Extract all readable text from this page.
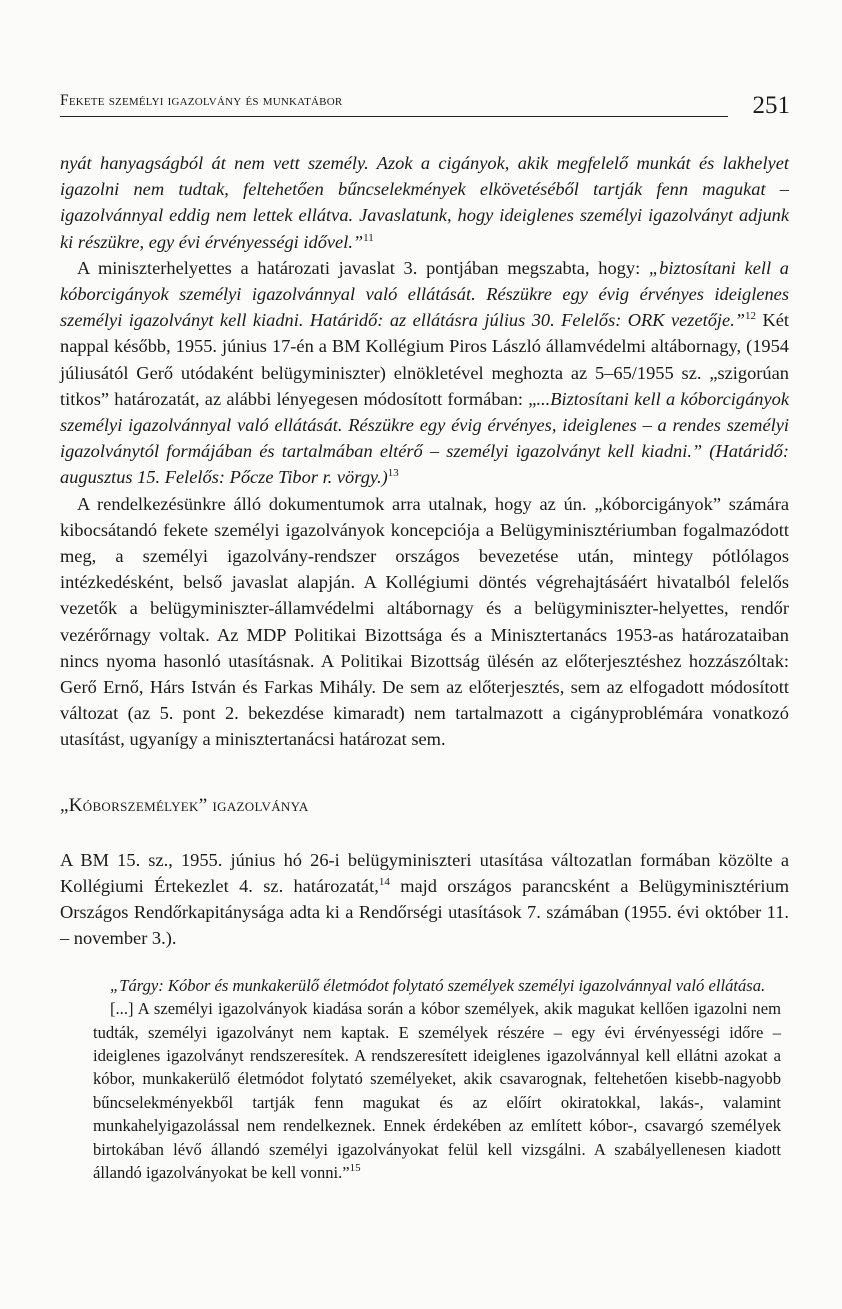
Fekete személyi igazolvány és munkatábor	251

nyát hanyagságból át nem vett személy. Azok a cigányok, akik megfelelő munkát és lakhelyet igazolni nem tudtak, feltehetően bűncselekmények elkövetéséből tartják fenn magukat – igazolvánnyal eddig nem lettek ellátva. Javaslatunk, hogy ideiglenes személyi igazolványt adjunk ki részükre, egy évi érvényességi idővel.”$^{11}$

A miniszterhelyettes a határozati javaslat 3. pontjában megszabta, hogy: „biztosítani kell a kóborcigányok személyi igazolvánnyal való ellátását. Részükre egy évig érvényes ideiglenes személyi igazolványt kell kiadni. Határidő: az ellátásra július 30. Felelős: ORK vezetője.”$^{12}$ Két nappal később, 1955. június 17-én a BM Kollégium Piros László államvédelmi altábornagy, (1954 júliusától Gerő utódaként belügyminiszter) elnökletével meghozta az 5–65/1955 sz. „szigorúan titkos” határozatát, az alábbi lényegesen módosított formában: „...Biztosítani kell a kóborcigányok személyi igazolvánnyal való ellátását. Részükre egy évig érvényes, ideiglenes – a rendes személyi igazolványtól formájában és tartalmában eltérő – személyi igazolványt kell kiadni.” (Határidő: augusztus 15. Felelős: Pőcze Tibor r. vörgy.)$^{13}$

A rendelkezésünkre álló dokumentumok arra utalnak, hogy az ún. „kóborcigányok” számára kibocsátandó fekete személyi igazolványok koncepciója a Belügyminisztériumban fogalmazódott meg, a személyi igazolvány-rendszer országos bevezetése után, mintegy pótlólagos intézkedésként, belső javaslat alapján. A Kollégiumi döntés végrehajtásáért hivatalból felelős vezetők a belügyminiszter-államvédelmi altábornagy és a belügyminiszter-helyettes, rendőr vezérőrnagy voltak. Az MDP Politikai Bizottsága és a Minisztertanács 1953-as határozataiban nincs nyoma hasonló utasításnak. A Politikai Bizottság ülésén az előterjesztéshez hozzászóltak: Gerő Ernő, Hárs István és Farkas Mihály. De sem az előterjesztés, sem az elfogadott módosított változat (az 5. pont 2. bekezdése kimaradt) nem tartalmazott a cigányproblémára vonatkozó utasítást, ugyanígy a minisztertanácsi határozat sem.

„Kóborszemélyek” igazolványa

A BM 15. sz., 1955. június hó 26-i belügyminiszteri utasítása változatlan formában közölte a Kollégiumi Értekezlet 4. sz. határozatát,$^{14}$ majd országos parancsként a Belügyminisztérium Országos Rendőrkapitánysága adta ki a Rendőrségi utasítások 7. számában (1955. évi október 11. – november 3.).

„Tárgy: Kóbor és munkakerülő életmódot folytató személyek személyi igazolvánnyal való ellátása.

[...] A személyi igazolványok kiadása során a kóbor személyek, akik magukat kellően igazolni nem tudták, személyi igazolványt nem kaptak. E személyek részére – egy évi érvényességi időre – ideiglenes igazolványt rendszeresítek. A rendszeresített ideiglenes igazolvánnyal kell ellátni azokat a kóbor, munkakerülő életmódot folytató személyeket, akik csavarognak, feltehetően kisebb-nagyobb bűncselekményekből tartják fenn magukat és az előírt okiratokkal, lakás-, valamint munkahelyigazolással nem rendelkeznek. Ennek érdekében az említett kóbor-, csavargó személyek birtokában lévő állandó személyi igazolványokat felül kell vizsgálni. A szabályellenesen kiadott állandó igazolványokat be kell vonni.”$^{15}$
